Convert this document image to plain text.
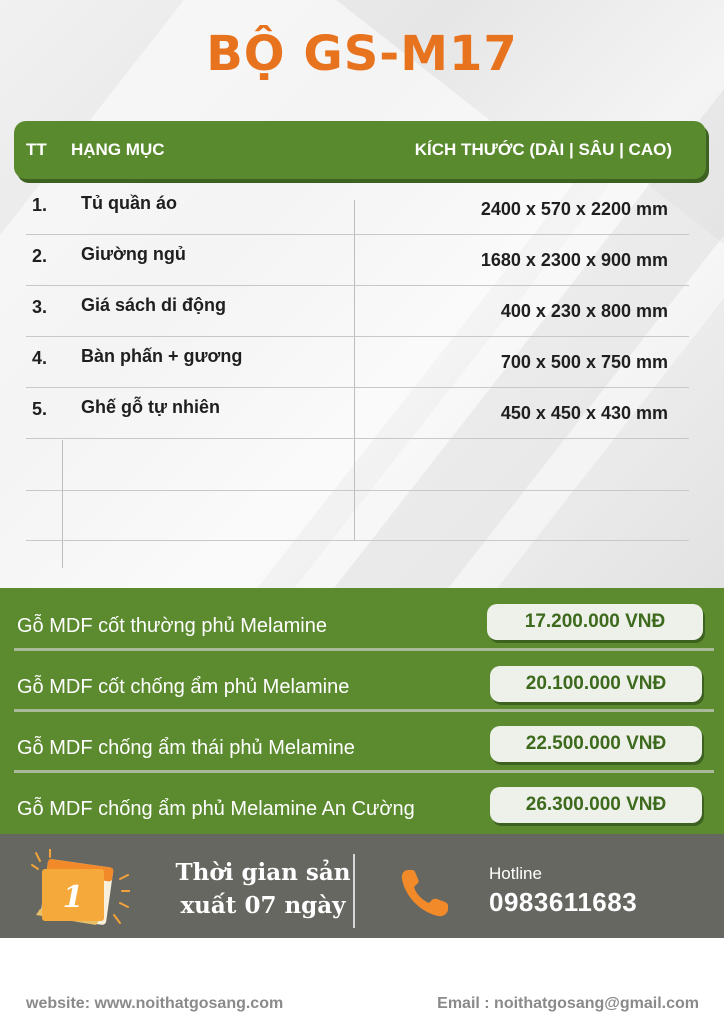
BỘ GS-M17
TT HẠNG MỤC	KÍCH THƯỚC (DÀI | SÂU | CAO)
1. Tủ quần áo	2400 x 570 x 2200 mm
2. Giường ngủ	1680 x 2300 x 900 mm
3. Giá sách di động	400 x 230 x 800 mm
4. Bàn phấn + gương	700 x 500 x 750 mm
5. Ghế gỗ tự nhiên	450 x 450 x 430 mm
Gỗ MDF cốt thường phủ Melamine	17.200.000 VNĐ
Gỗ MDF cốt chống ẩm phủ Melamine	20.100.000 VNĐ
Gỗ MDF chống ẩm thái phủ Melamine	22.500.000 VNĐ
Gỗ MDF chống ẩm phủ Melamine An Cường	26.300.000 VNĐ
1
Thời gian sản xuất 07 ngày
Hotline
0983611683
website: www.noithatgosang.com	Email : noithatgosang@gmail.com
